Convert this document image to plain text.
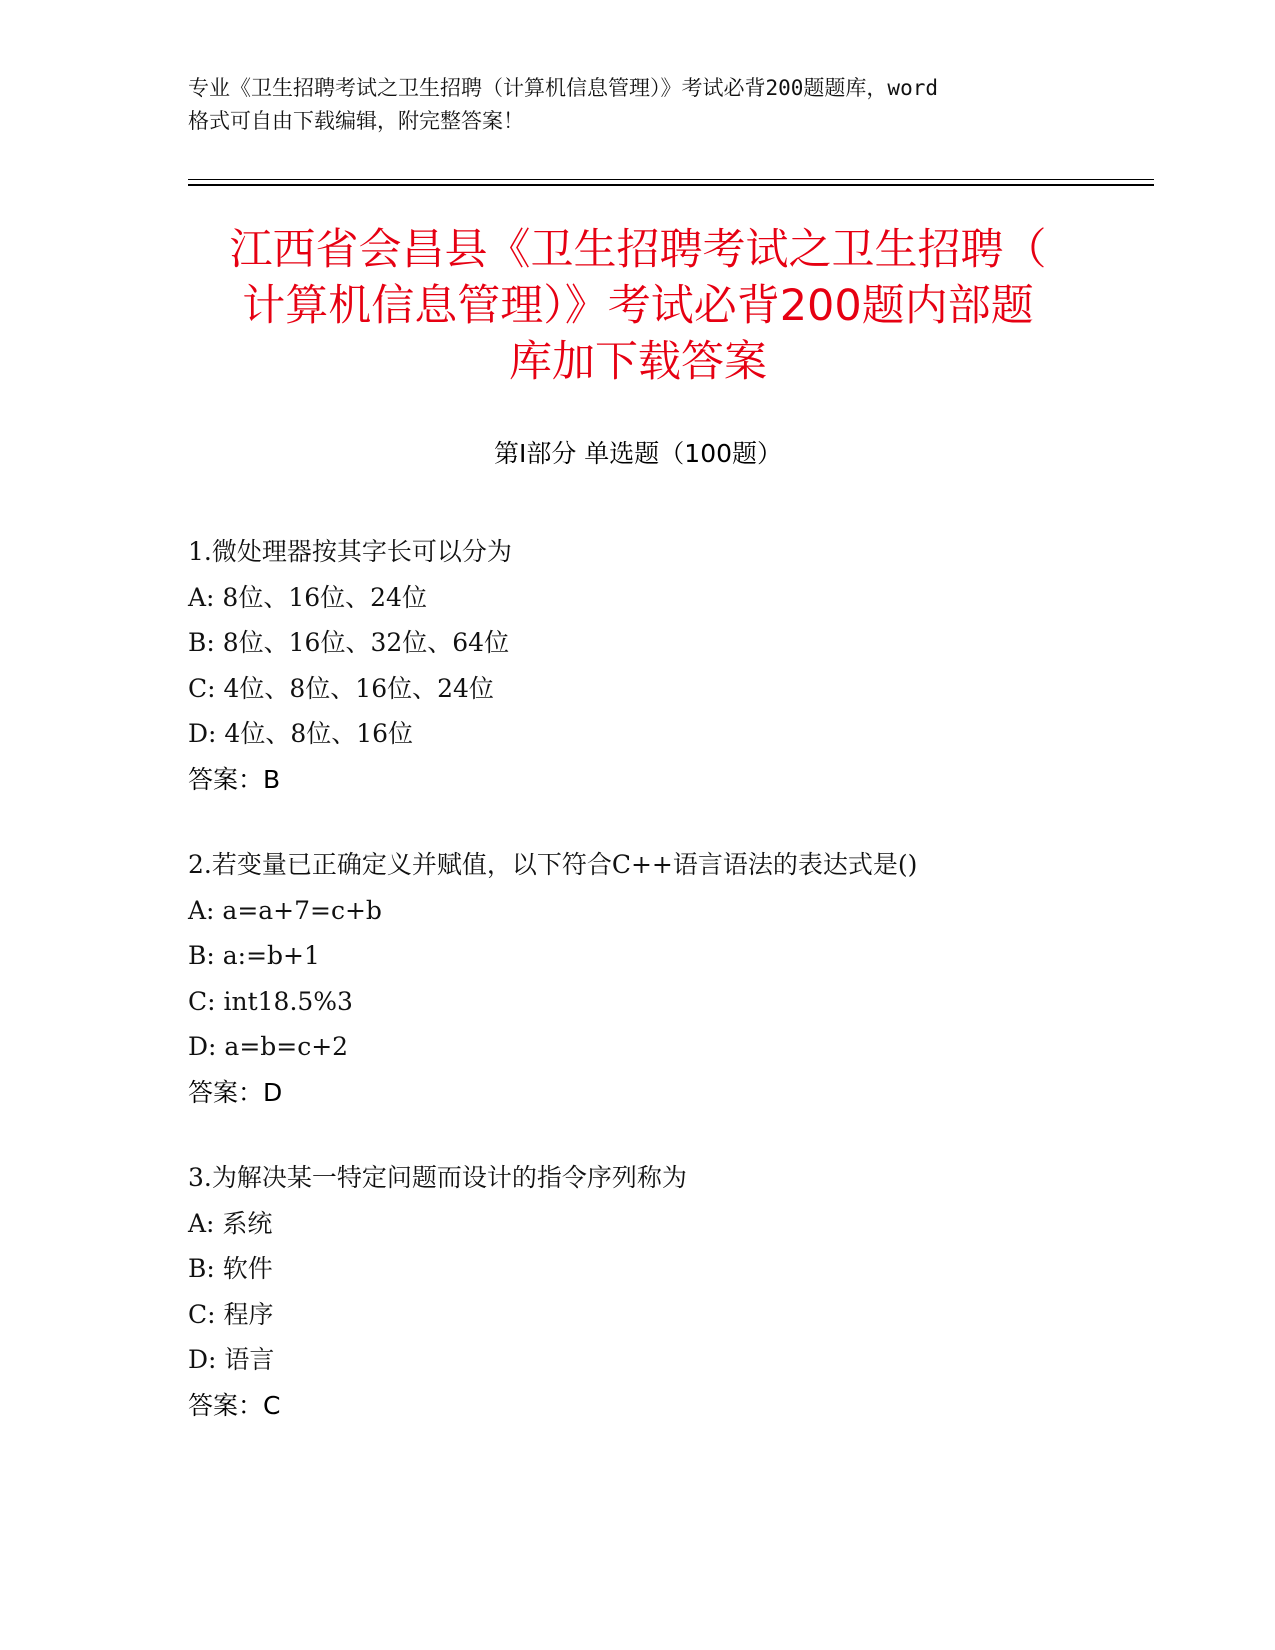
专业《卫生招聘考试之卫生招聘（计算机信息管理）》考试必背200题题库，word
格式可自由下载编辑，附完整答案！
江西省会昌县《卫生招聘考试之卫生招聘（
计算机信息管理）》考试必背200题内部题
库加下载答案
第Ⅰ部分 单选题（100题）
1.微处理器按其字长可以分为
A: 8位、16位、24位
B: 8位、16位、32位、64位
C: 4位、8位、16位、24位
D: 4位、8位、16位
答案：B
2.若变量已正确定义并赋值，以下符合C++语言语法的表达式是()
A: a=a+7=c+b
B: a:=b+1
C: int18.5%3
D: a=b=c+2
答案：D
3.为解决某一特定问题而设计的指令序列称为
A: 系统
B: 软件
C: 程序
D: 语言
答案：C
